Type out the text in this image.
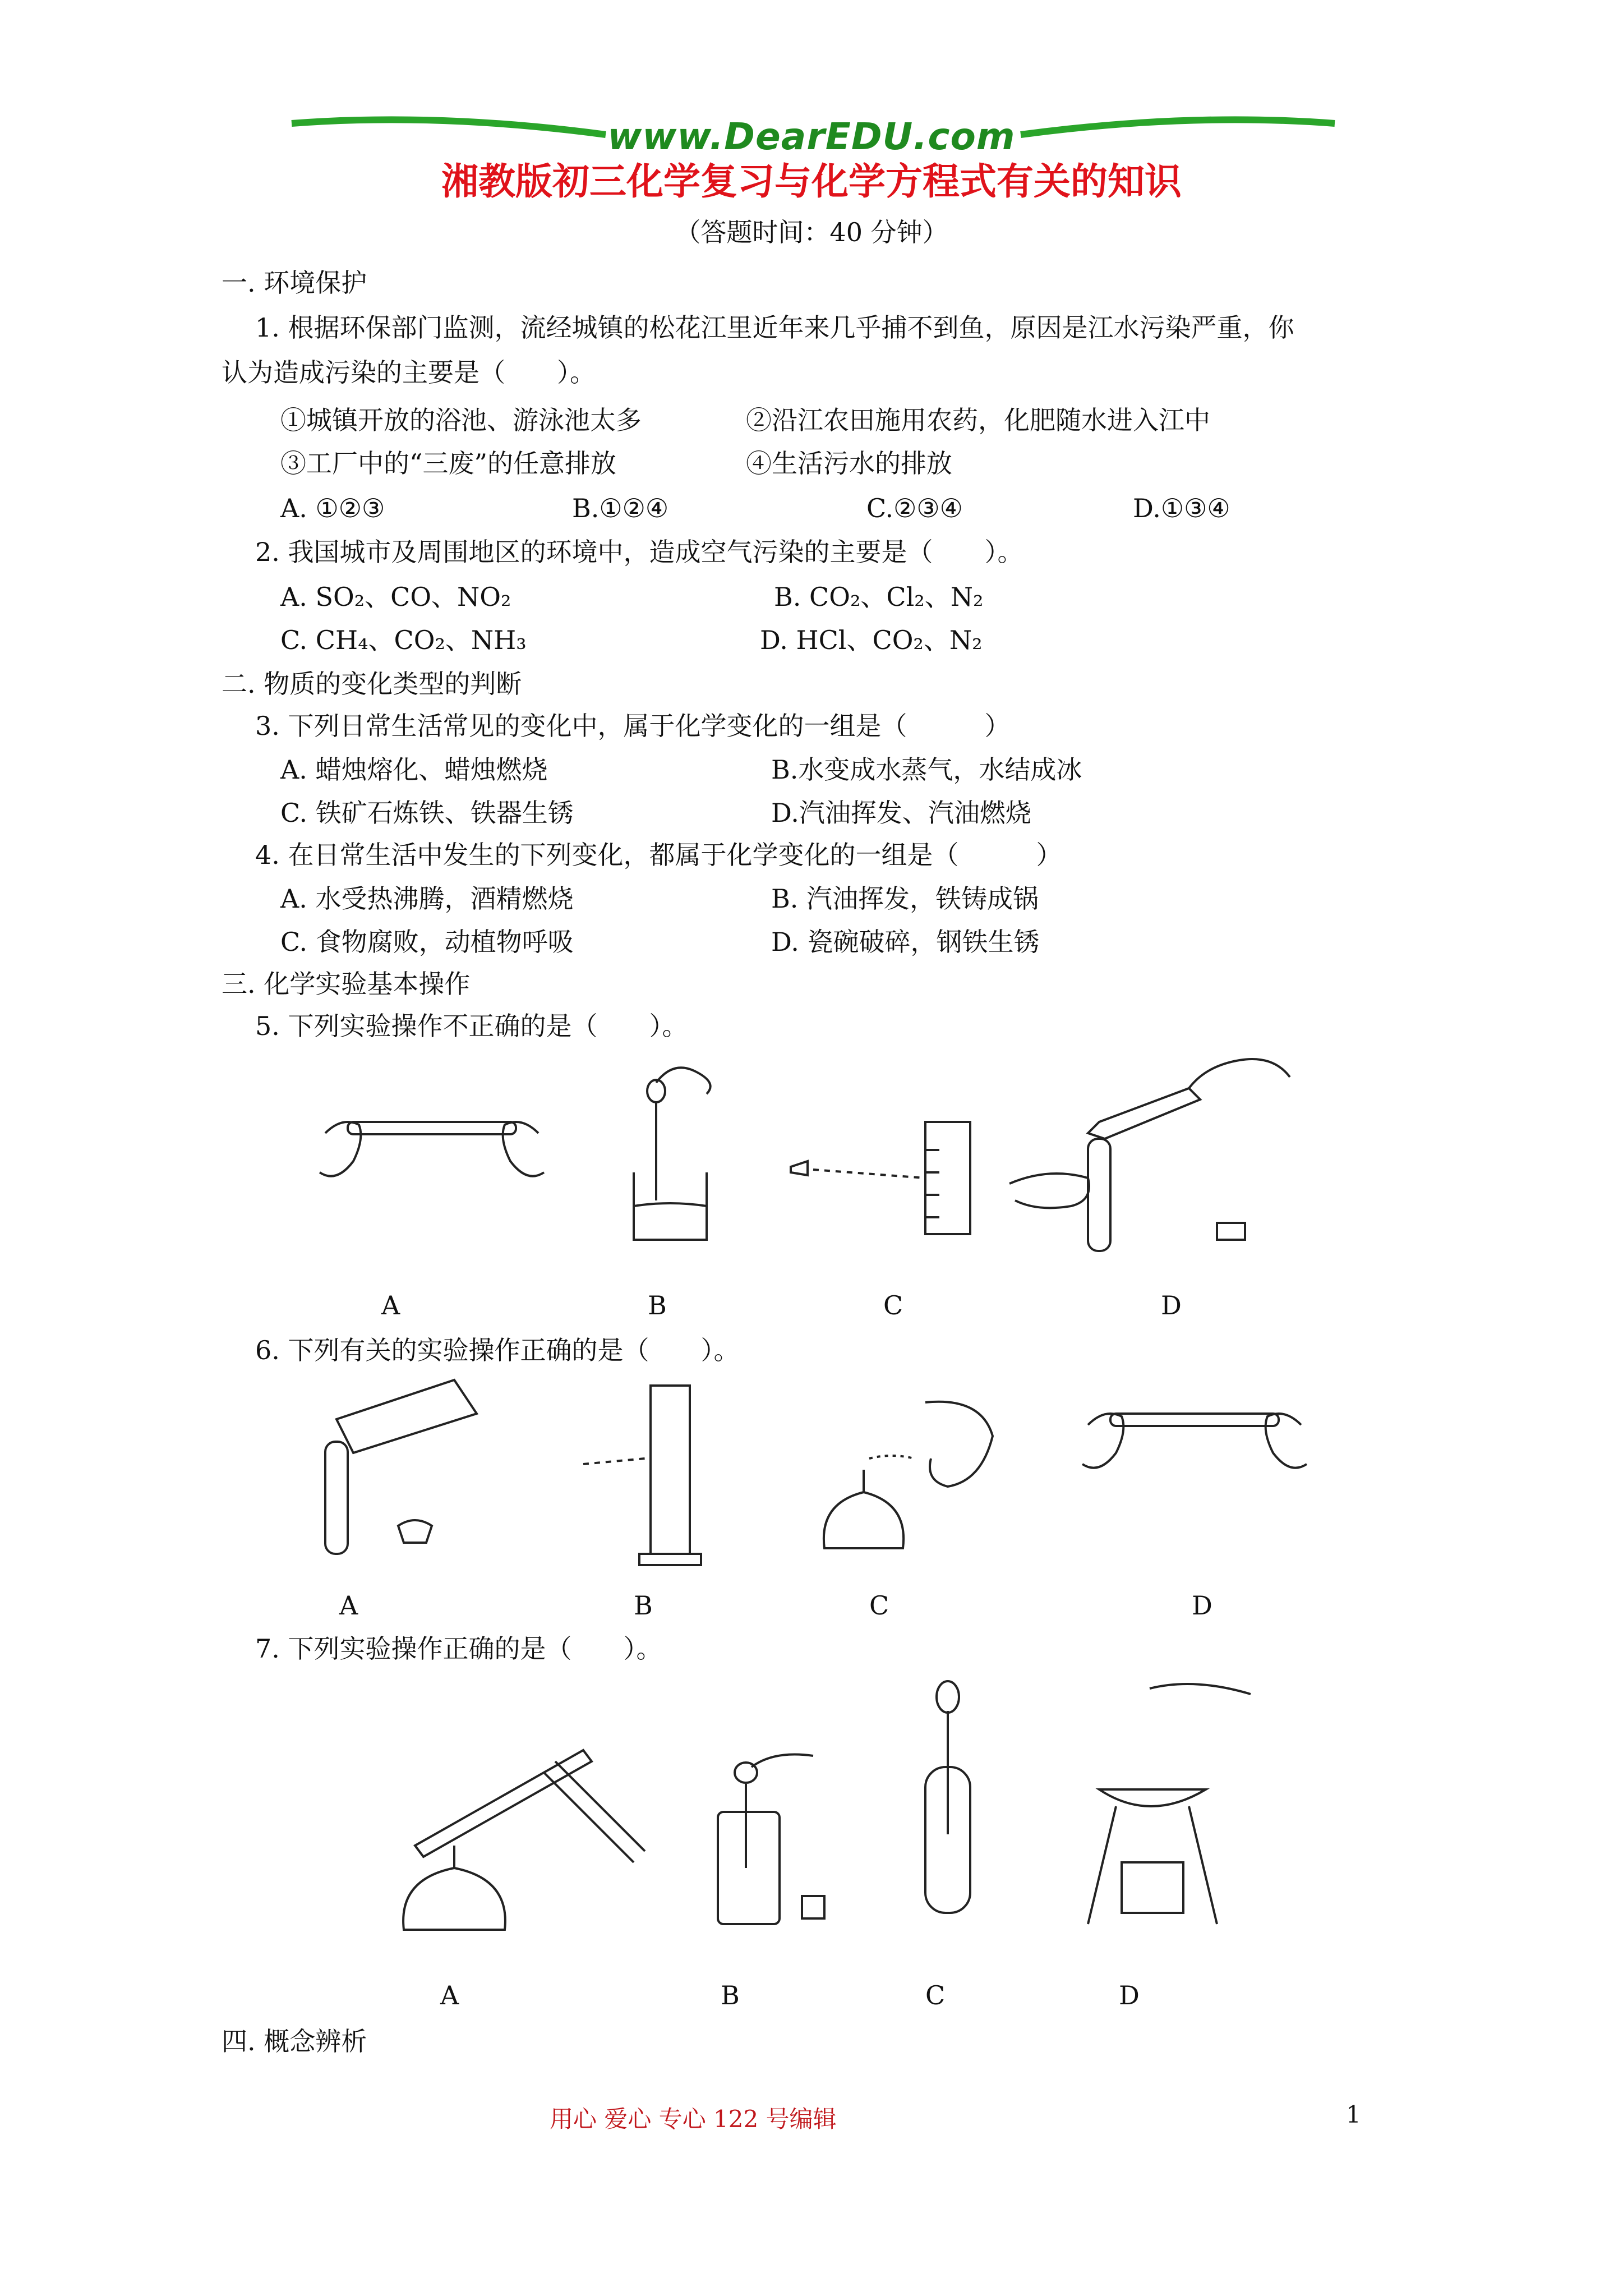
www.DearEDU.com
湘教版初三化学复习与化学方程式有关的知识
（答题时间：40 分钟）
一. 环境保护
1. 根据环保部门监测，流经城镇的松花江里近年来几乎捕不到鱼，原因是江水污染严重，你
认为造成污染的主要是（　　）。
①城镇开放的浴池、游泳池太多	②沿江农田施用农药，化肥随水进入江中
③工厂中的“三废”的任意排放	④生活污水的排放
A. ①②③	B.①②④	C.②③④	D.①③④
2. 我国城市及周围地区的环境中，造成空气污染的主要是（　　）。
A. SO₂、CO、NO₂	B. CO₂、Cl₂、N₂
C. CH₄、CO₂、NH₃	D. HCl、CO₂、N₂
二. 物质的变化类型的判断
3. 下列日常生活常见的变化中，属于化学变化的一组是（　　　）
A. 蜡烛熔化、蜡烛燃烧	B.水变成水蒸气，水结成冰
C. 铁矿石炼铁、铁器生锈	D.汽油挥发、汽油燃烧
4. 在日常生活中发生的下列变化，都属于化学变化的一组是（　　　）
A. 水受热沸腾，酒精燃烧	B. 汽油挥发，铁铸成锅
C. 食物腐败，动植物呼吸	D. 瓷碗破碎，钢铁生锈
三. 化学实验基本操作
5. 下列实验操作不正确的是（　　）。
A	B	C	D
6. 下列有关的实验操作正确的是（　　）。
A	B	C	D
7. 下列实验操作正确的是（　　）。
A	B	C	D
四. 概念辨析
用心 爱心 专心 122 号编辑	1
